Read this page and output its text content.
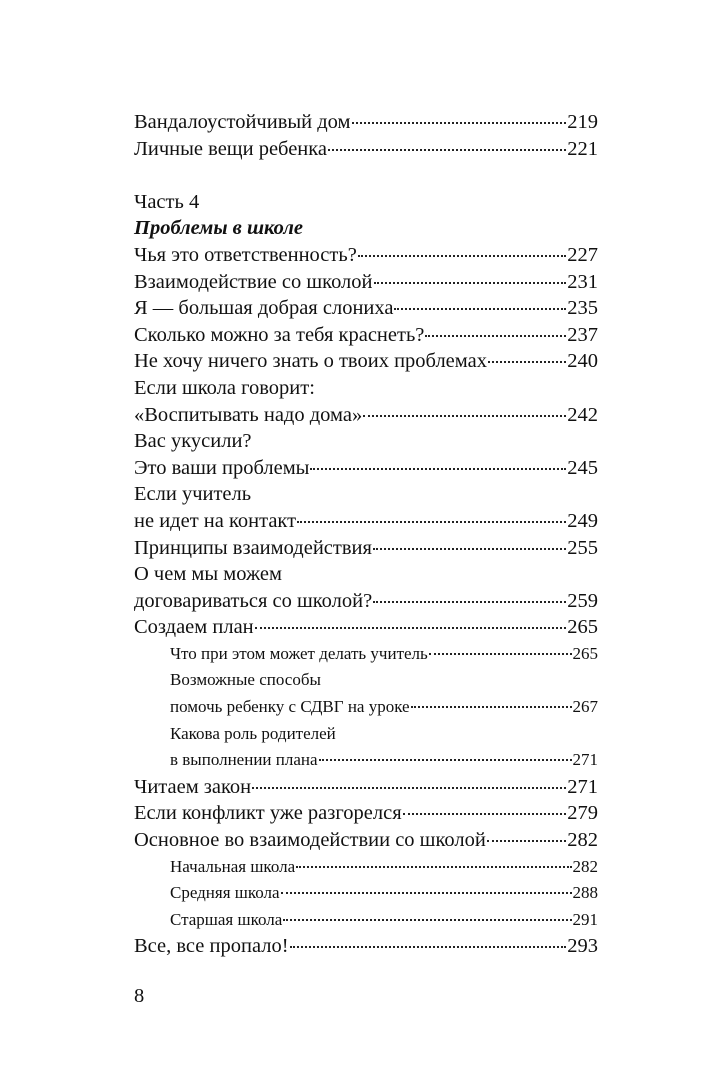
Вандалоустойчивый дом	219
Личные вещи ребенка	221
Часть 4
Проблемы в школе
Чья это ответственность?	227
Взаимодействие со школой	231
Я — большая добрая слониха	235
Сколько можно за тебя краснеть?	237
Не хочу ничего знать о твоих проблемах	240
Если школа говорит:
«Воспитывать надо дома»	242
Вас укусили?
Это ваши проблемы	245
Если учитель
не идет на контакт	249
Принципы взаимодействия	255
О чем мы можем
договариваться со школой?	259
Создаем план	265
Что при этом может делать учитель	265
Возможные способы
помочь ребенку с СДВГ на уроке	267
Какова роль родителей
в выполнении плана	271
Читаем закон	271
Если конфликт уже разгорелся	279
Основное во взаимодействии со школой	282
Начальная школа	282
Средняя школа	288
Старшая школа	291
Все, все пропало!	293
8
